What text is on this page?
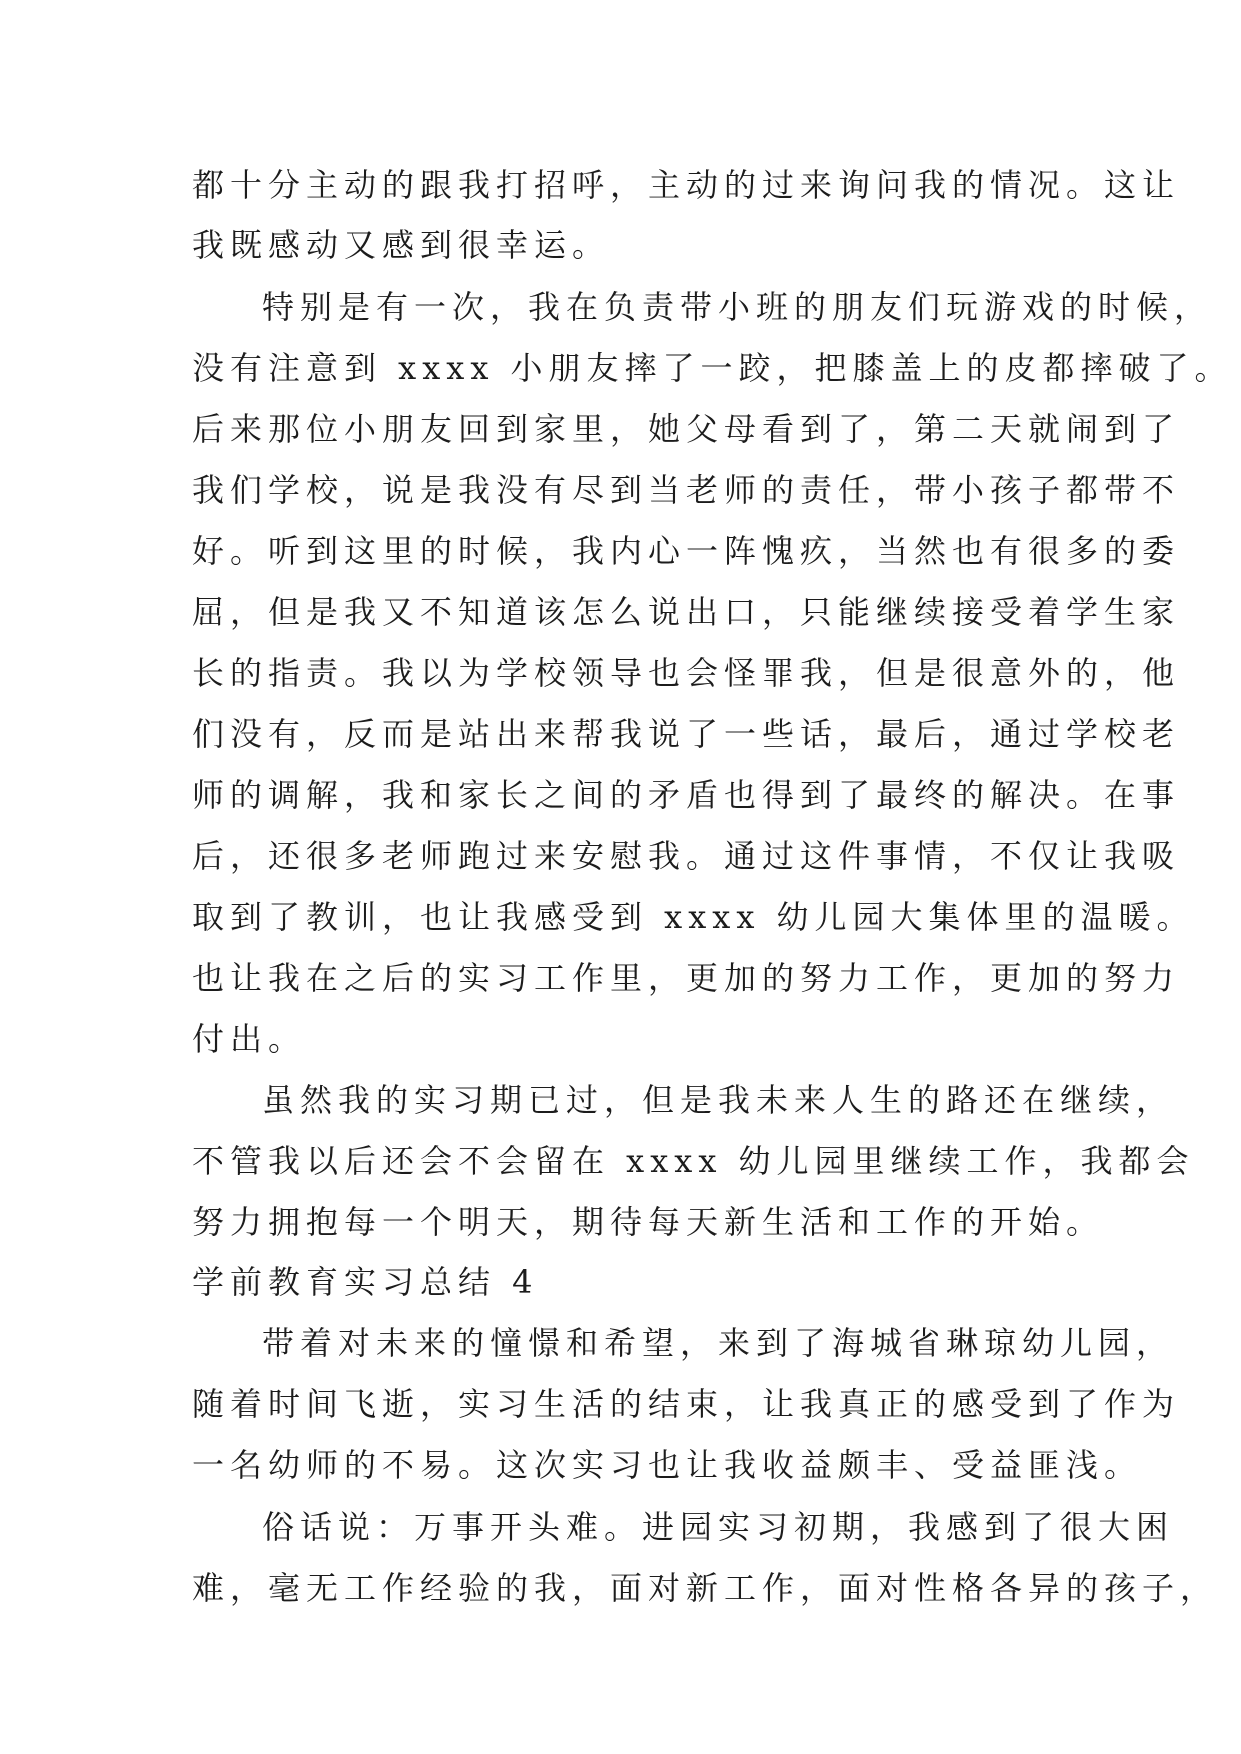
都十分主动的跟我打招呼，主动的过来询问我的情况。这让
我既感动又感到很幸运。
特别是有一次，我在负责带小班的朋友们玩游戏的时候，
没有注意到 xxxx 小朋友摔了一跤，把膝盖上的皮都摔破了。
后来那位小朋友回到家里，她父母看到了，第二天就闹到了
我们学校，说是我没有尽到当老师的责任，带小孩子都带不
好。听到这里的时候，我内心一阵愧疚，当然也有很多的委
屈，但是我又不知道该怎么说出口，只能继续接受着学生家
长的指责。我以为学校领导也会怪罪我，但是很意外的，他
们没有，反而是站出来帮我说了一些话，最后，通过学校老
师的调解，我和家长之间的矛盾也得到了最终的解决。在事
后，还很多老师跑过来安慰我。通过这件事情，不仅让我吸
取到了教训，也让我感受到 xxxx 幼儿园大集体里的温暖。
也让我在之后的实习工作里，更加的努力工作，更加的努力
付出。
虽然我的实习期已过，但是我未来人生的路还在继续，
不管我以后还会不会留在 xxxx 幼儿园里继续工作，我都会
努力拥抱每一个明天，期待每天新生活和工作的开始。
学前教育实习总结 4
带着对未来的憧憬和希望，来到了海城省琳琼幼儿园，
随着时间飞逝，实习生活的结束，让我真正的感受到了作为
一名幼师的不易。这次实习也让我收益颇丰、受益匪浅。
俗话说：万事开头难。进园实习初期，我感到了很大困
难，毫无工作经验的我，面对新工作，面对性格各异的孩子，
